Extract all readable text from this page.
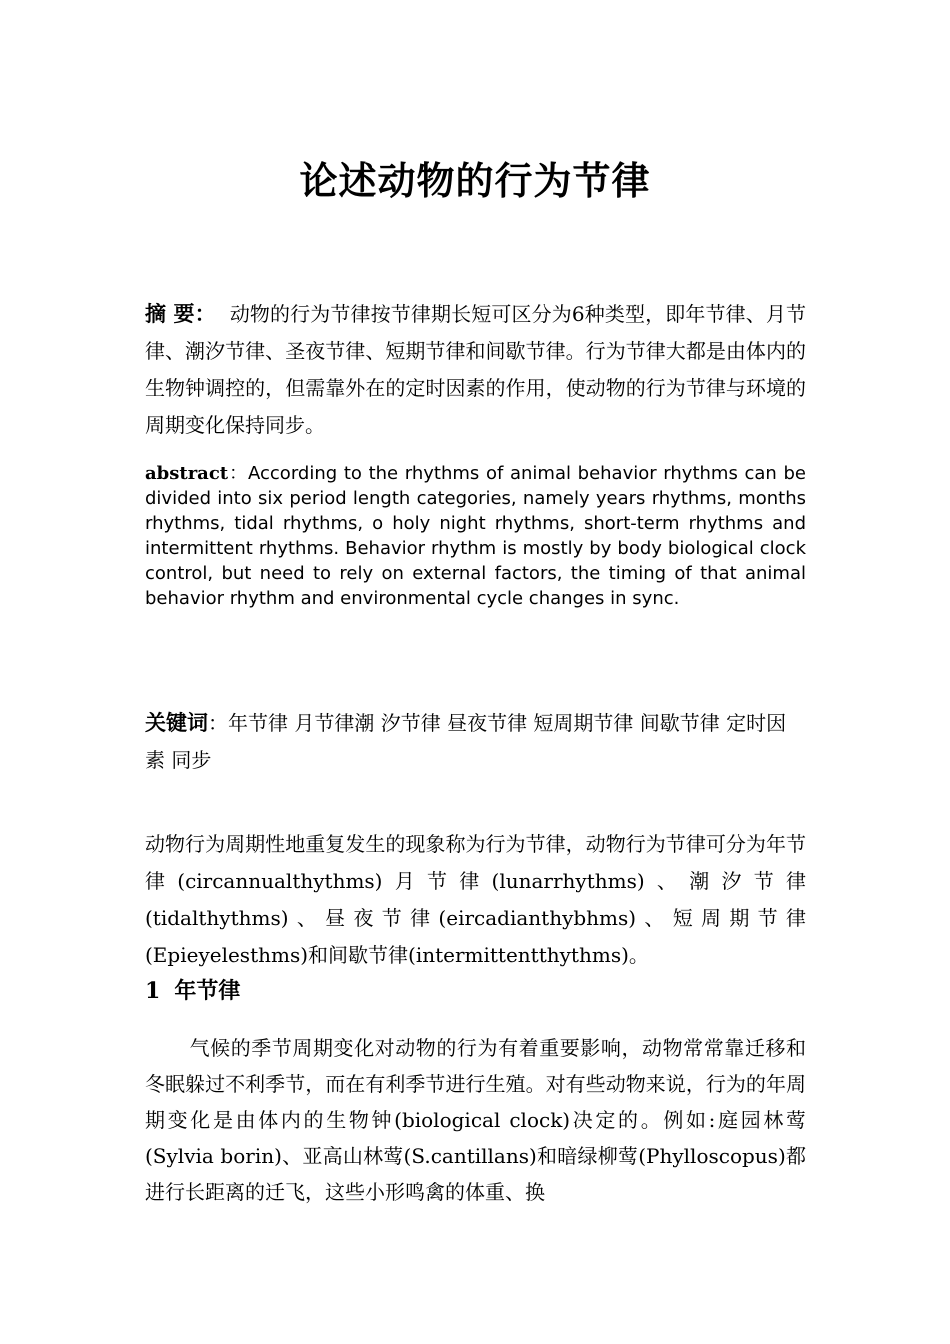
论述动物的行为节律
摘 要： 动物的行为节律按节律期长短可区分为6种类型，即年节律、月节律、潮汐节律、圣夜节律、短期节律和间歇节律。行为节律大都是由体内的生物钟调控的，但需靠外在的定时因素的作用，使动物的行为节律与环境的周期变化保持同步。
abstract：According to the rhythms of animal behavior rhythms can be divided into six period length categories, namely years rhythms, months rhythms, tidal rhythms, o holy night rhythms, short-term rhythms and intermittent rhythms. Behavior rhythm is mostly by body biological clock control, but need to rely on external factors, the timing of that animal behavior rhythm and environmental cycle changes in sync.
关键词：年节律 月节律潮 汐节律 昼夜节律 短周期节律 间歇节律 定时因素 同步
动物行为周期性地重复发生的现象称为行为节律，动物行为节律可分为年节律(circannualthythms)月节律(lunarrhythms)、潮汐节律(tidalthythms)、昼夜节律(eircadianthybhms)、短周期节律(Epieyelesthms)和间歇节律(intermittentthythms)。
1 年节律
气候的季节周期变化对动物的行为有着重要影响，动物常常靠迁移和冬眠躲过不利季节，而在有利季节进行生殖。对有些动物来说，行为的年周期变化是由体内的生物钟(biological clock)决定的。例如:庭园林莺(Sylvia borin)、亚高山林莺(S.cantillans)和暗绿柳莺(Phylloscopus)都进行长距离的迁飞，这些小形鸣禽的体重、换
